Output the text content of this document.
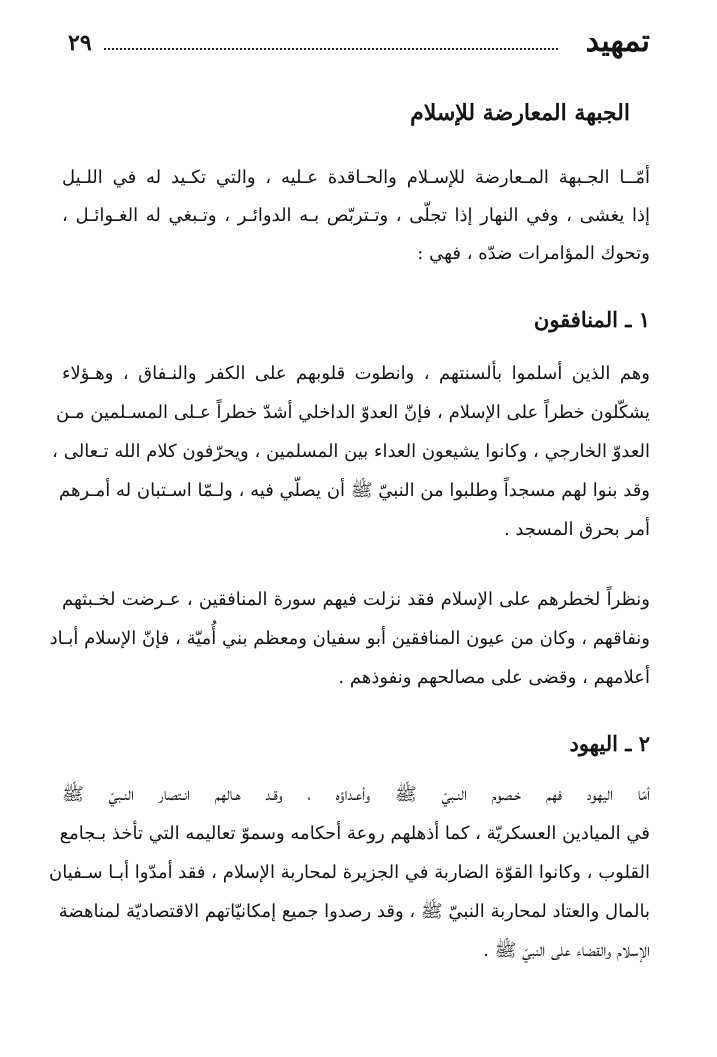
٢٩	تمهيد
الجبهة المعارضة للإسلام
أمّــا الجـبهة المـعارضة للإسـلام والحـاقدة عـليه ، والتي تكـيد له في اللـيل
إذا يغشى ، وفي النهار إذا تجلّى ، وتـتربّص بـه الدوائـر ، وتـبغي له الغـوائـل ،
وتحوك المؤامرات ضدّه ، فهي :
١ ـ المنافقون
وهم الذين أسلموا بألسنتهم ، وانطوت قلوبهم على الكفر والنـفاق ، وهـؤلاء
يشكّلون خطراً على الإسلام ، فإنّ العدوّ الداخلي أشدّ خطراً عـلى المسـلمين مـن
العدوّ الخارجي ، وكانوا يشيعون العداء بين المسلمين ، ويحرّفون كلام الله تـعالى ،
وقد بنوا لهم مسجداً وطلبوا من النبيّ ﷺ أن يصلّي فيه ، ولـمّا اسـتبان له أمـرهم
أمر بحرق المسجد .
ونظراً لخطرهم على الإسلام فقد نزلت فيهم سورة المنافقين ، عـرضت لخـبثهم
ونفاقهم ، وكان من عيون المنافقين أبو سفيان ومعظم بني أُميّة ، فإنّ الإسلام أبـاد
أعلامهم ، وقضى على مصالحهم ونفوذهم .
٢ ـ اليهود
أمّا اليهود فهم خـصوم النـبيّ ﷺ وأعـداؤه ، وقـد هـالهم انـتصار النـبيّ ﷺ
في الميادين العسكريّة ، كما أذهلهم روعة أحكامه وسموّ تعاليمه التي تأخذ بـجامع
القلوب ، وكانوا القوّة الضاربة في الجزيرة لمحاربة الإسلام ، فقد أمدّوا أبـا سـفيان
بالمال والعتاد لمحاربة النبيّ ﷺ ، وقد رصدوا جميع إمكانيّاتهم الاقتصاديّة لمناهضة
الإسلام والقضاء على النبيّ ﷺ .
